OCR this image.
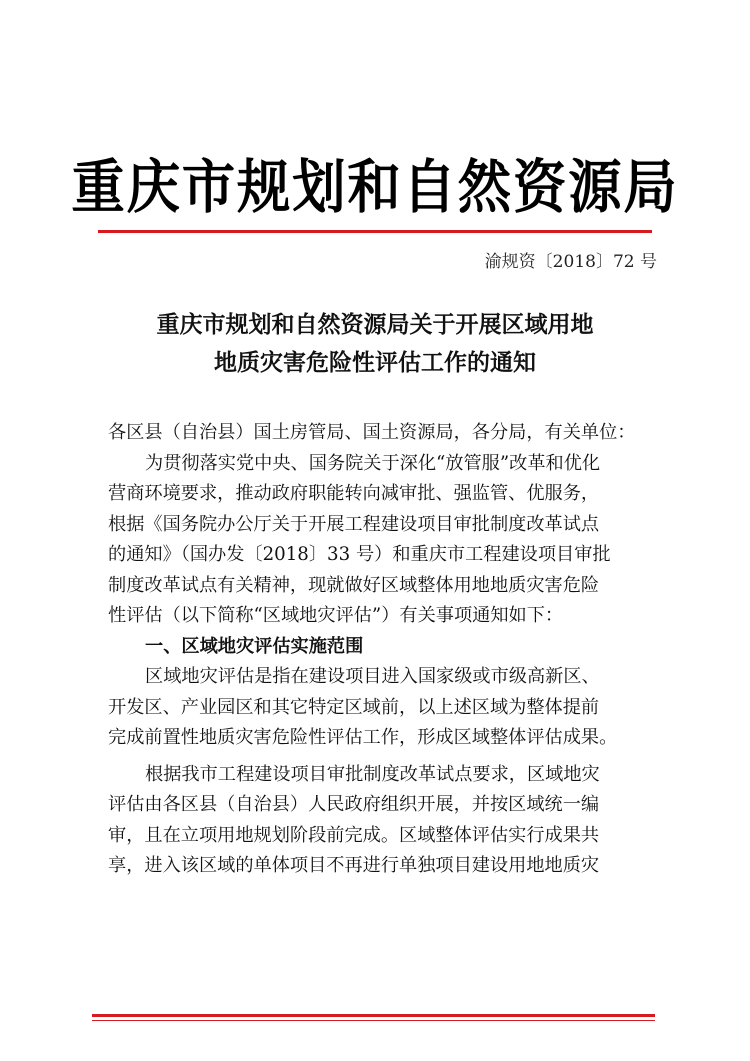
重庆市规划和自然资源局
渝规资〔2018〕72 号
重庆市规划和自然资源局关于开展区域用地
地质灾害危险性评估工作的通知
各区县（自治县）国土房管局、国土资源局，各分局，有关单位：
为贯彻落实党中央、国务院关于深化“放管服”改革和优化
营商环境要求，推动政府职能转向减审批、强监管、优服务，
根据《国务院办公厅关于开展工程建设项目审批制度改革试点
的通知》（国办发〔2018〕33 号）和重庆市工程建设项目审批
制度改革试点有关精神，现就做好区域整体用地地质灾害危险
性评估（以下简称“区域地灾评估”）有关事项通知如下：
一、区域地灾评估实施范围
区域地灾评估是指在建设项目进入国家级或市级高新区、
开发区、产业园区和其它特定区域前，以上述区域为整体提前
完成前置性地质灾害危险性评估工作，形成区域整体评估成果。
根据我市工程建设项目审批制度改革试点要求，区域地灾
评估由各区县（自治县）人民政府组织开展，并按区域统一编
审，且在立项用地规划阶段前完成。区域整体评估实行成果共
享，进入该区域的单体项目不再进行单独项目建设用地地质灾
